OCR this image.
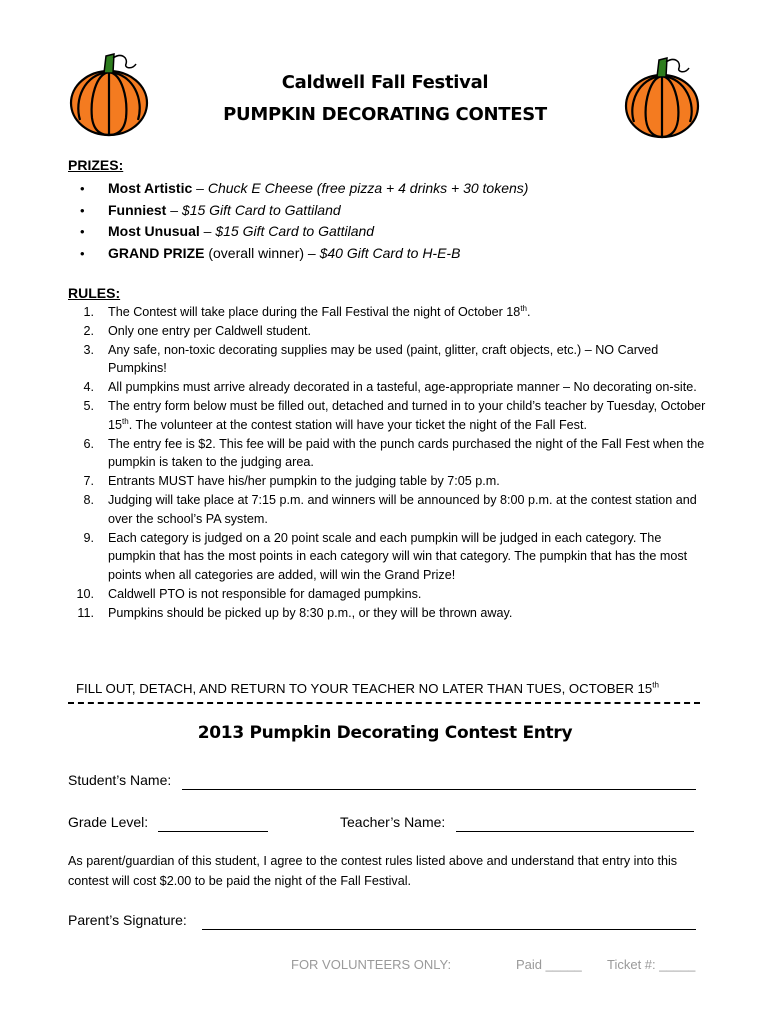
Caldwell Fall Festival
PUMPKIN DECORATING CONTEST
PRIZES:
• Most Artistic – Chuck E Cheese (free pizza + 4 drinks + 30 tokens)
• Funniest – $15 Gift Card to Gattiland
• Most Unusual – $15 Gift Card to Gattiland
• GRAND PRIZE (overall winner) – $40 Gift Card to H-E-B
RULES:
1. The Contest will take place during the Fall Festival the night of October 18th.
2. Only one entry per Caldwell student.
3. Any safe, non-toxic decorating supplies may be used (paint, glitter, craft objects, etc.) – NO Carved Pumpkins!
4. All pumpkins must arrive already decorated in a tasteful, age-appropriate manner – No decorating on-site.
5. The entry form below must be filled out, detached and turned in to your child’s teacher by Tuesday, October 15th. The volunteer at the contest station will have your ticket the night of the Fall Fest.
6. The entry fee is $2. This fee will be paid with the punch cards purchased the night of the Fall Fest when the pumpkin is taken to the judging area.
7. Entrants MUST have his/her pumpkin to the judging table by 7:05 p.m.
8. Judging will take place at 7:15 p.m. and winners will be announced by 8:00 p.m. at the contest station and over the school’s PA system.
9. Each category is judged on a 20 point scale and each pumpkin will be judged in each category. The pumpkin that has the most points in each category will win that category. The pumpkin that has the most points when all categories are added, will win the Grand Prize!
10. Caldwell PTO is not responsible for damaged pumpkins.
11. Pumpkins should be picked up by 8:30 p.m., or they will be thrown away.
FILL OUT, DETACH, AND RETURN TO YOUR TEACHER NO LATER THAN TUES, OCTOBER 15th
2013 Pumpkin Decorating Contest Entry
Student’s Name:
Grade Level:	Teacher’s Name:
As parent/guardian of this student, I agree to the contest rules listed above and understand that entry into this contest will cost $2.00 to be paid the night of the Fall Festival.
Parent’s Signature:
FOR VOLUNTEERS ONLY:	Paid _____ Ticket #: _____
